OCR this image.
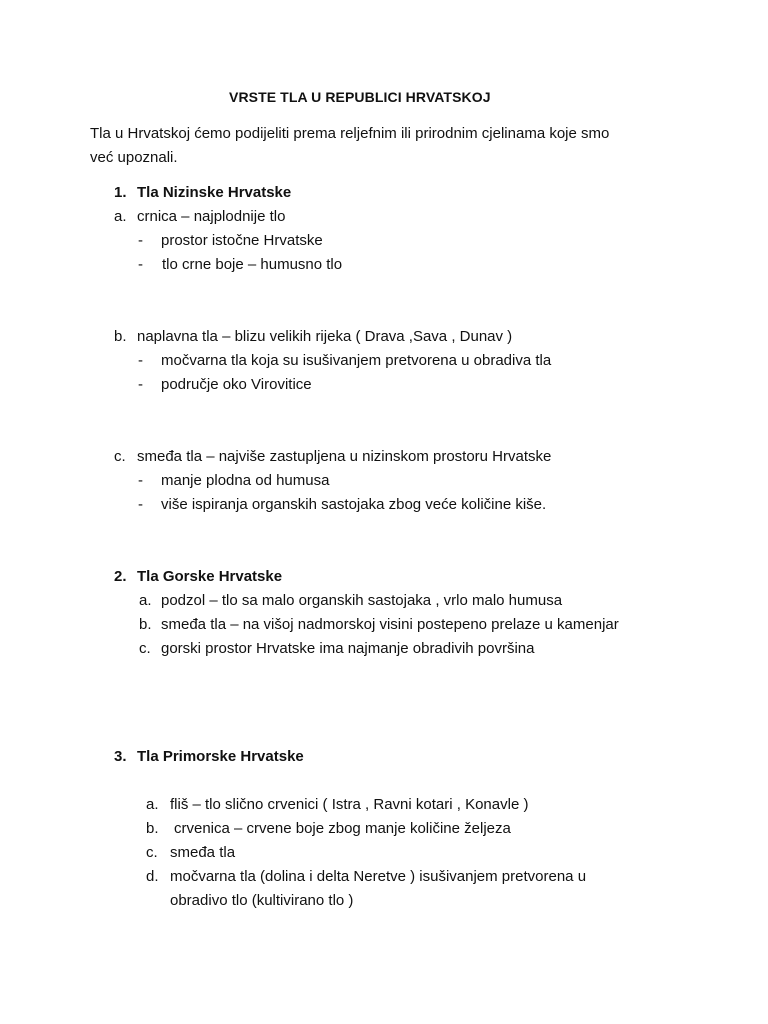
VRSTE TLA U REPUBLICI HRVATSKOJ
Tla u Hrvatskoj ćemo podijeliti prema reljefnim ili prirodnim cjelinama koje smo
već upoznali.
1. Tla Nizinske Hrvatske
a. crnica – najplodnije tlo
- prostor istočne Hrvatske
- tlo crne boje – humusno tlo
b. naplavna tla – blizu velikih rijeka ( Drava ,Sava , Dunav )
- močvarna tla koja su isušivanjem pretvorena u obradiva tla
- područje oko Virovitice
c. smeđa tla – najviše zastupljena u nizinskom prostoru Hrvatske
- manje plodna od humusa
- više ispiranja organskih sastojaka zbog veće količine kiše.
2. Tla Gorske Hrvatske
a. podzol – tlo sa malo organskih sastojaka , vrlo malo humusa
b. smeđa tla – na višoj nadmorskoj visini postepeno prelaze u kamenjar
c. gorski prostor Hrvatske ima najmanje obradivih površina
3. Tla Primorske Hrvatske
a. fliš – tlo slično crvenici ( Istra , Ravni kotari , Konavle )
b. crvenica – crvene boje zbog manje količine željeza
c. smeđa tla
d. močvarna tla (dolina i delta Neretve ) isušivanjem pretvorena u
obradivo tlo (kultivirano tlo )
